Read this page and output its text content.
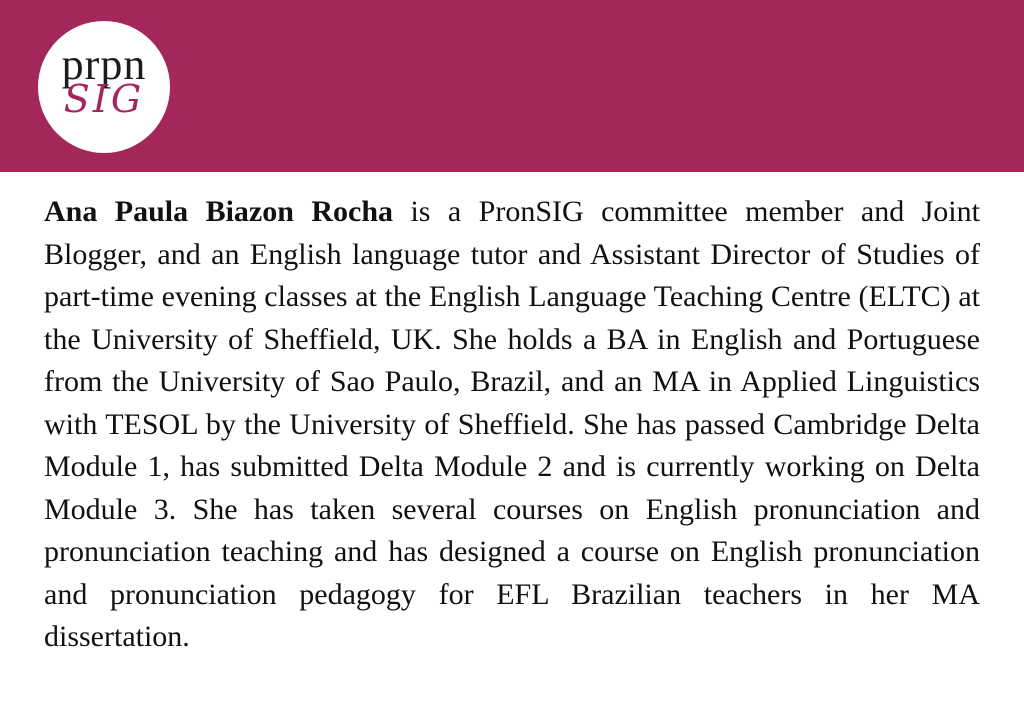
prpn
SIG

Ana Paula Biazon Rocha is a PronSIG committee member and Joint Blogger, and an English language tutor and Assistant Director of Studies of part-time evening classes at the English Language Teaching Centre (ELTC) at the University of Sheffield, UK. She holds a BA in English and Portuguese from the University of Sao Paulo, Brazil, and an MA in Applied Linguistics with TESOL by the University of Sheffield. She has passed Cambridge Delta Module 1, has submitted Delta Module 2 and is currently working on Delta Module 3. She has taken several courses on English pronunciation and pronunciation teaching and has designed a course on English pronunciation and pronunciation pedagogy for EFL Brazilian teachers in her MA dissertation.
